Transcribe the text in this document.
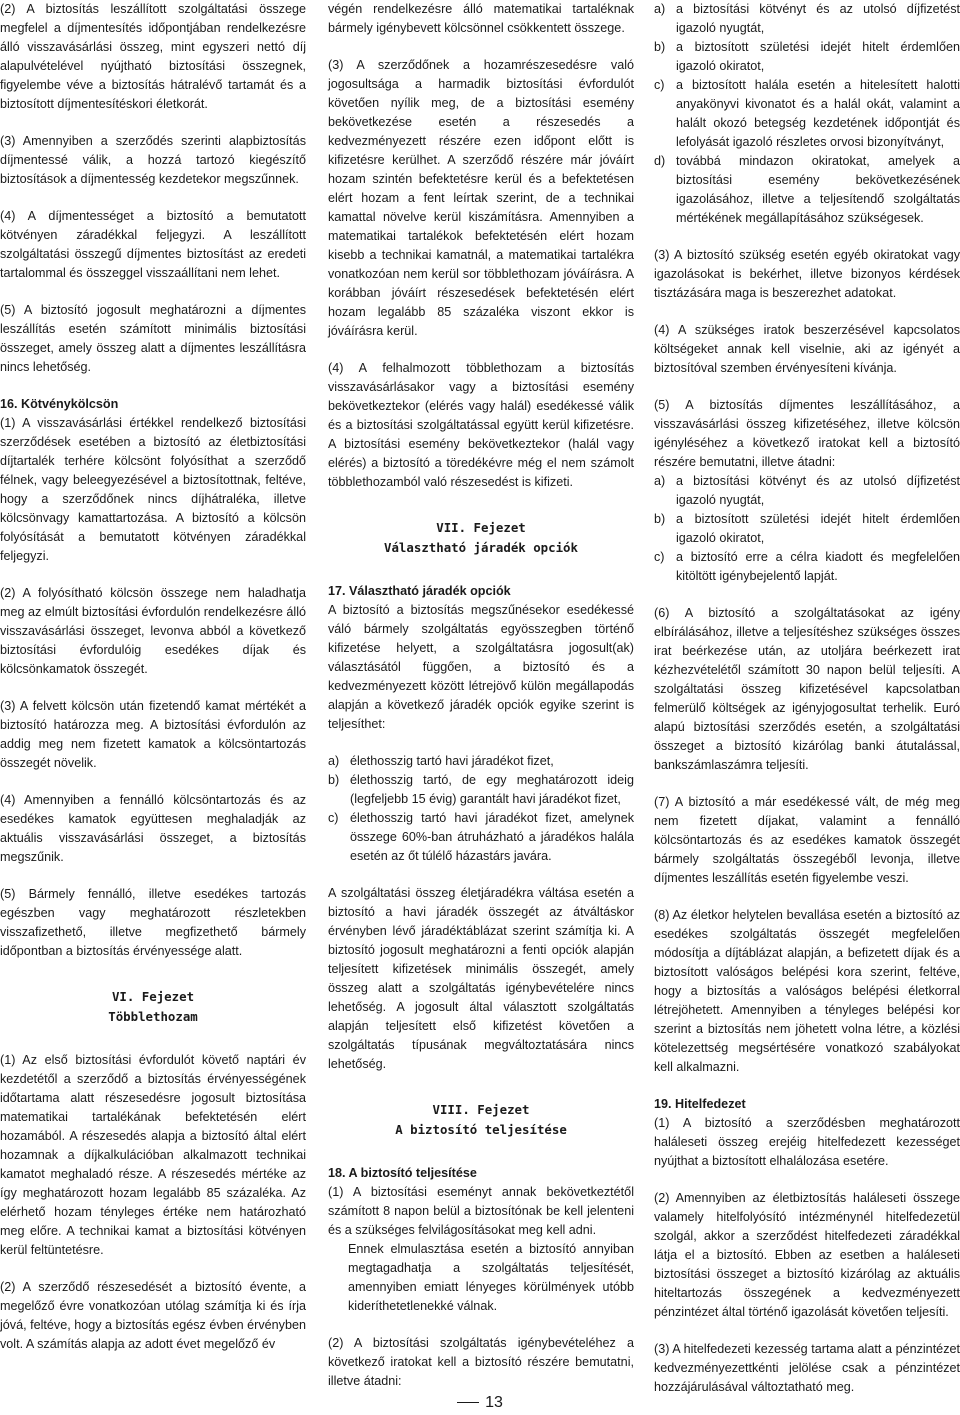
(2) A biztosítás leszállított szolgáltatási összege megfelel a díjmentesítés időpontjában rendelkezésre álló visszavásárlási összeg, mint egyszeri nettó díj alapulvételével nyújtható biztosítási összegnek, figyelembe véve a biztosítás hátralévő tartamát és a biztosított díjmentesítéskori életkorát.

(3) Amennyiben a szerződés szerinti alapbiztosítás díjmentessé válik, a hozzá tartozó kiegészítő biztosítások a díjmentesség kezdetekor megszűnnek.

(4) A díjmentességet a biztosító a bemutatott kötvényen záradékkal feljegyzi. A leszállított szolgáltatási összegű díjmentes biztosítást az eredeti tartalommal és összeggel visszaállítani nem lehet.

(5) A biztosító jogosult meghatározni a díjmentes leszállítás esetén számított minimális biztosítási összeget, amely összeg alatt a díjmentes leszállításra nincs lehetőség.

16. Kötvénykölcsön

(1) A visszavásárlási értékkel rendelkező biztosítási szerződések esetében a biztosító az életbiztosítási díjtartalék terhére kölcsönt folyósíthat a szerződő félnek, vagy beleegyezésével a biztosítottnak, feltéve, hogy a szerződőnek nincs díjhátraléka, illetve kölcsönvagy kamattartozása. A biztosító a kölcsön folyósítását a bemutatott kötvényen záradékkal feljegyzi.

(2) A folyósítható kölcsön összege nem haladhatja meg az elmúlt biztosítási évfordulón rendelkezésre álló visszavásárlási összeget, levonva abból a következő biztosítási évfordulóig esedékes díjak és kölcsönkamatok összegét.

(3) A felvett kölcsön után fizetendő kamat mértékét a biztosító határozza meg. A biztosítási évfordulón az addig meg nem fizetett kamatok a kölcsöntartozás összegét növelik.

(4) Amennyiben a fennálló kölcsöntartozás és az esedékes kamatok együttesen meghaladják az aktuális visszavásárlási összeget, a biztosítás megszűnik.

(5) Bármely fennálló, illetve esedékes tartozás egészben vagy meghatározott részletekben visszafizethető, illetve megfizethető bármely időpontban a biztosítás érvényessége alatt.

VI. Fejezet
Többlethozam

(1) Az első biztosítási évfordulót követő naptári év kezdetétől a szerződő a biztosítás érvényességének időtartama alatt részesedésre jogosult biztosítása matematikai tartalékának befektetésén elért hozamából. A részesedés alapja a biztosító által elért hozamnak a díjkalkulációban alkalmazott technikai kamatot meghaladó része. A részesedés mértéke az így meghatározott hozam legalább 85 százaléka. Az elérhető hozam tényleges értéke nem határozható meg előre. A technikai kamat a biztosítási kötvényen kerül feltüntetésre.

(2) A szerződő részesedését a biztosító évente, a megelőző évre vonatkozóan utólag számítja ki és írja jóvá, feltéve, hogy a biztosítás egész évben érvényben volt. A számítás alapja az adott évet megelőző év

végén rendelkezésre álló matematikai tartaléknak bármely igénybevett kölcsönnel csökkentett összege.

(3) A szerződőnek a hozamrészesedésre való jogosultsága a harmadik biztosítási évfordulót követően nyílik meg, de a biztosítási esemény bekövetkezése esetén a részesedés a kedvezményezett részére ezen időpont előtt is kifizetésre kerülhet. A szerződő részére már jóváírt hozam szintén befektetésre kerül és a befektetésen elért hozam a fent leírtak szerint, de a technikai kamattal növelve kerül kiszámításra. Amennyiben a matematikai tartalékok befektetésén elért hozam kisebb a technikai kamatnál, a matematikai tartalékra vonatkozóan nem kerül sor többlethozam jóváírásra. A korábban jóváírt részesedések befektetésén elért hozam legalább 85 százaléka viszont ekkor is jóváírásra kerül.

(4) A felhalmozott többlethozam a biztosítás visszavásárlásakor vagy a biztosítási esemény bekövetkeztekor (elérés vagy halál) esedékessé válik és a biztosítási szolgáltatással együtt kerül kifizetésre. A biztosítási esemény bekövetkeztekor (halál vagy elérés) a biztosító a töredékévre még el nem számolt többlethozamból való részesedést is kifizeti.

VII. Fejezet
Választható járadék opciók
17. Választható járadék opciók

A biztosító a biztosítás megszűnésekor esedékessé váló bármely szolgáltatás egyösszegben történő kifizetése helyett, a szolgáltatásra jogosult(ak) választásától függően, a biztosító és a kedvezményezett között létrejövő külön megállapodás alapján a következő járadék opciók egyike szerint is teljesíthet:

a) élethosszig tartó havi járadékot fizet,
b) élethosszig tartó, de egy meghatározott ideig (legfeljebb 15 évig) garantált havi járadékot fizet,
c) élethosszig tartó havi járadékot fizet, amelynek összege 60%-ban átruházható a járadékos halála esetén az őt túlélő házastárs javára.

A szolgáltatási összeg életjáradékra váltása esetén a biztosító a havi járadék összegét az átváltáskor érvényben lévő járadéktáblázat szerint számítja ki. A biztosító jogosult meghatározni a fenti opciók alapján teljesített kifizetések minimális összegét, amely összeg alatt a szolgáltatás igénybevételére nincs lehetőség. A jogosult által választott szolgáltatás alapján teljesített első kifizetést követően a szolgáltatás típusának megváltoztatására nincs lehetőség.

VIII. Fejezet
A biztosító teljesítése
18. A biztosító teljesítése

(1) A biztosítási eseményt annak bekövetkeztétől számított 8 napon belül a biztosítónak be kell jelenteni és a szükséges felvilágosításokat meg kell adni.

Ennek elmulasztása esetén a biztosító annyiban megtagadhatja a szolgáltatás teljesítését, amennyiben emiatt lényeges körülmények utóbb kideríthetetlenekké válnak.

(2) A biztosítási szolgáltatás igénybevételéhez a következő iratokat kell a biztosító részére bemutatni, illetve átadni:

a) a biztosítási kötvényt és az utolsó díjfizetést igazoló nyugtát,
b) a biztosított születési idejét hitelt érdemlően igazoló okiratot,
c) a biztosított halála esetén a hitelesített halotti anyakönyvi kivonatot és a halál okát, valamint a halált okozó betegség kezdetének időpontját és lefolyását igazoló részletes orvosi bizonyítványt,
d) továbbá mindazon okiratokat, amelyek a biztosítási esemény bekövetkezésének igazolásához, illetve a teljesítendő szolgáltatás mértékének megállapításához szükségesek.

(3) A biztosító szükség esetén egyéb okiratokat vagy igazolásokat is bekérhet, illetve bizonyos kérdések tisztázására maga is beszerezhet adatokat.

(4) A szükséges iratok beszerzésével kapcsolatos költségeket annak kell viselnie, aki az igényét a biztosítóval szemben érvényesíteni kívánja.

(5) A biztosítás díjmentes leszállításához, a visszavásárlási összeg kifizetéséhez, illetve kölcsön igényléséhez a következő iratokat kell a biztosító részére bemutatni, illetve átadni:

a) a biztosítási kötvényt és az utolsó díjfizetést igazoló nyugtát,
b) a biztosított születési idejét hitelt érdemlően igazoló okiratot,
c) a biztosító erre a célra kiadott és megfelelően kitöltött igénybejelentő lapját.

(6) A biztosító a szolgáltatásokat az igény elbírálásához, illetve a teljesítéshez szükséges összes irat beérkezése után, az utoljára beérkezett irat kézhezvételétől számított 30 napon belül teljesíti. A szolgáltatási összeg kifizetésével kapcsolatban felmerülő költségek az igényjogosultat terhelik. Euró alapú biztosítási szerződés esetén, a szolgáltatási összeget a biztosító kizárólag banki átutalással, bankszámlaszámra teljesíti.

(7) A biztosító a már esedékessé vált, de még meg nem fizetett díjakat, valamint a fennálló kölcsöntartozás és az esedékes kamatok összegét bármely szolgáltatás összegéből levonja, illetve díjmentes leszállítás esetén figyelembe veszi.

(8) Az életkor helytelen bevallása esetén a biztosító az esedékes szolgáltatás összegét megfelelően módosítja a díjtáblázat alapján, a befizetett díjak és a biztosított valóságos belépési kora szerint, feltéve, hogy a biztosítás a valóságos belépési életkorral létrejöhetett. Amennyiben a tényleges belépési kor szerint a biztosítás nem jöhetett volna létre, a közlési kötelezettség megsértésére vonatkozó szabályokat kell alkalmazni.

19. Hitelfedezet

(1) A biztosító a szerződésben meghatározott haláleseti összeg erejéig hitelfedezett kezességet nyújthat a biztosított elhalálozása esetére.

(2) Amennyiben az életbiztosítás haláleseti összege valamely hitelfolyósító intézménynél hitelfedezetül szolgál, akkor a szerződést hitelfedezeti záradékkal látja el a biztosító. Ebben az esetben a haláleseti biztosítási összeget a biztosító kizárólag az aktuális hiteltartozás összegének a kedvezményezett pénzintézet által történő igazolását követően teljesíti.

(3) A hitelfedezeti kezesség tartama alatt a pénzintézet kedvezményezettkénti jelölése csak a pénzintézet hozzájárulásával változtatható meg.

13
